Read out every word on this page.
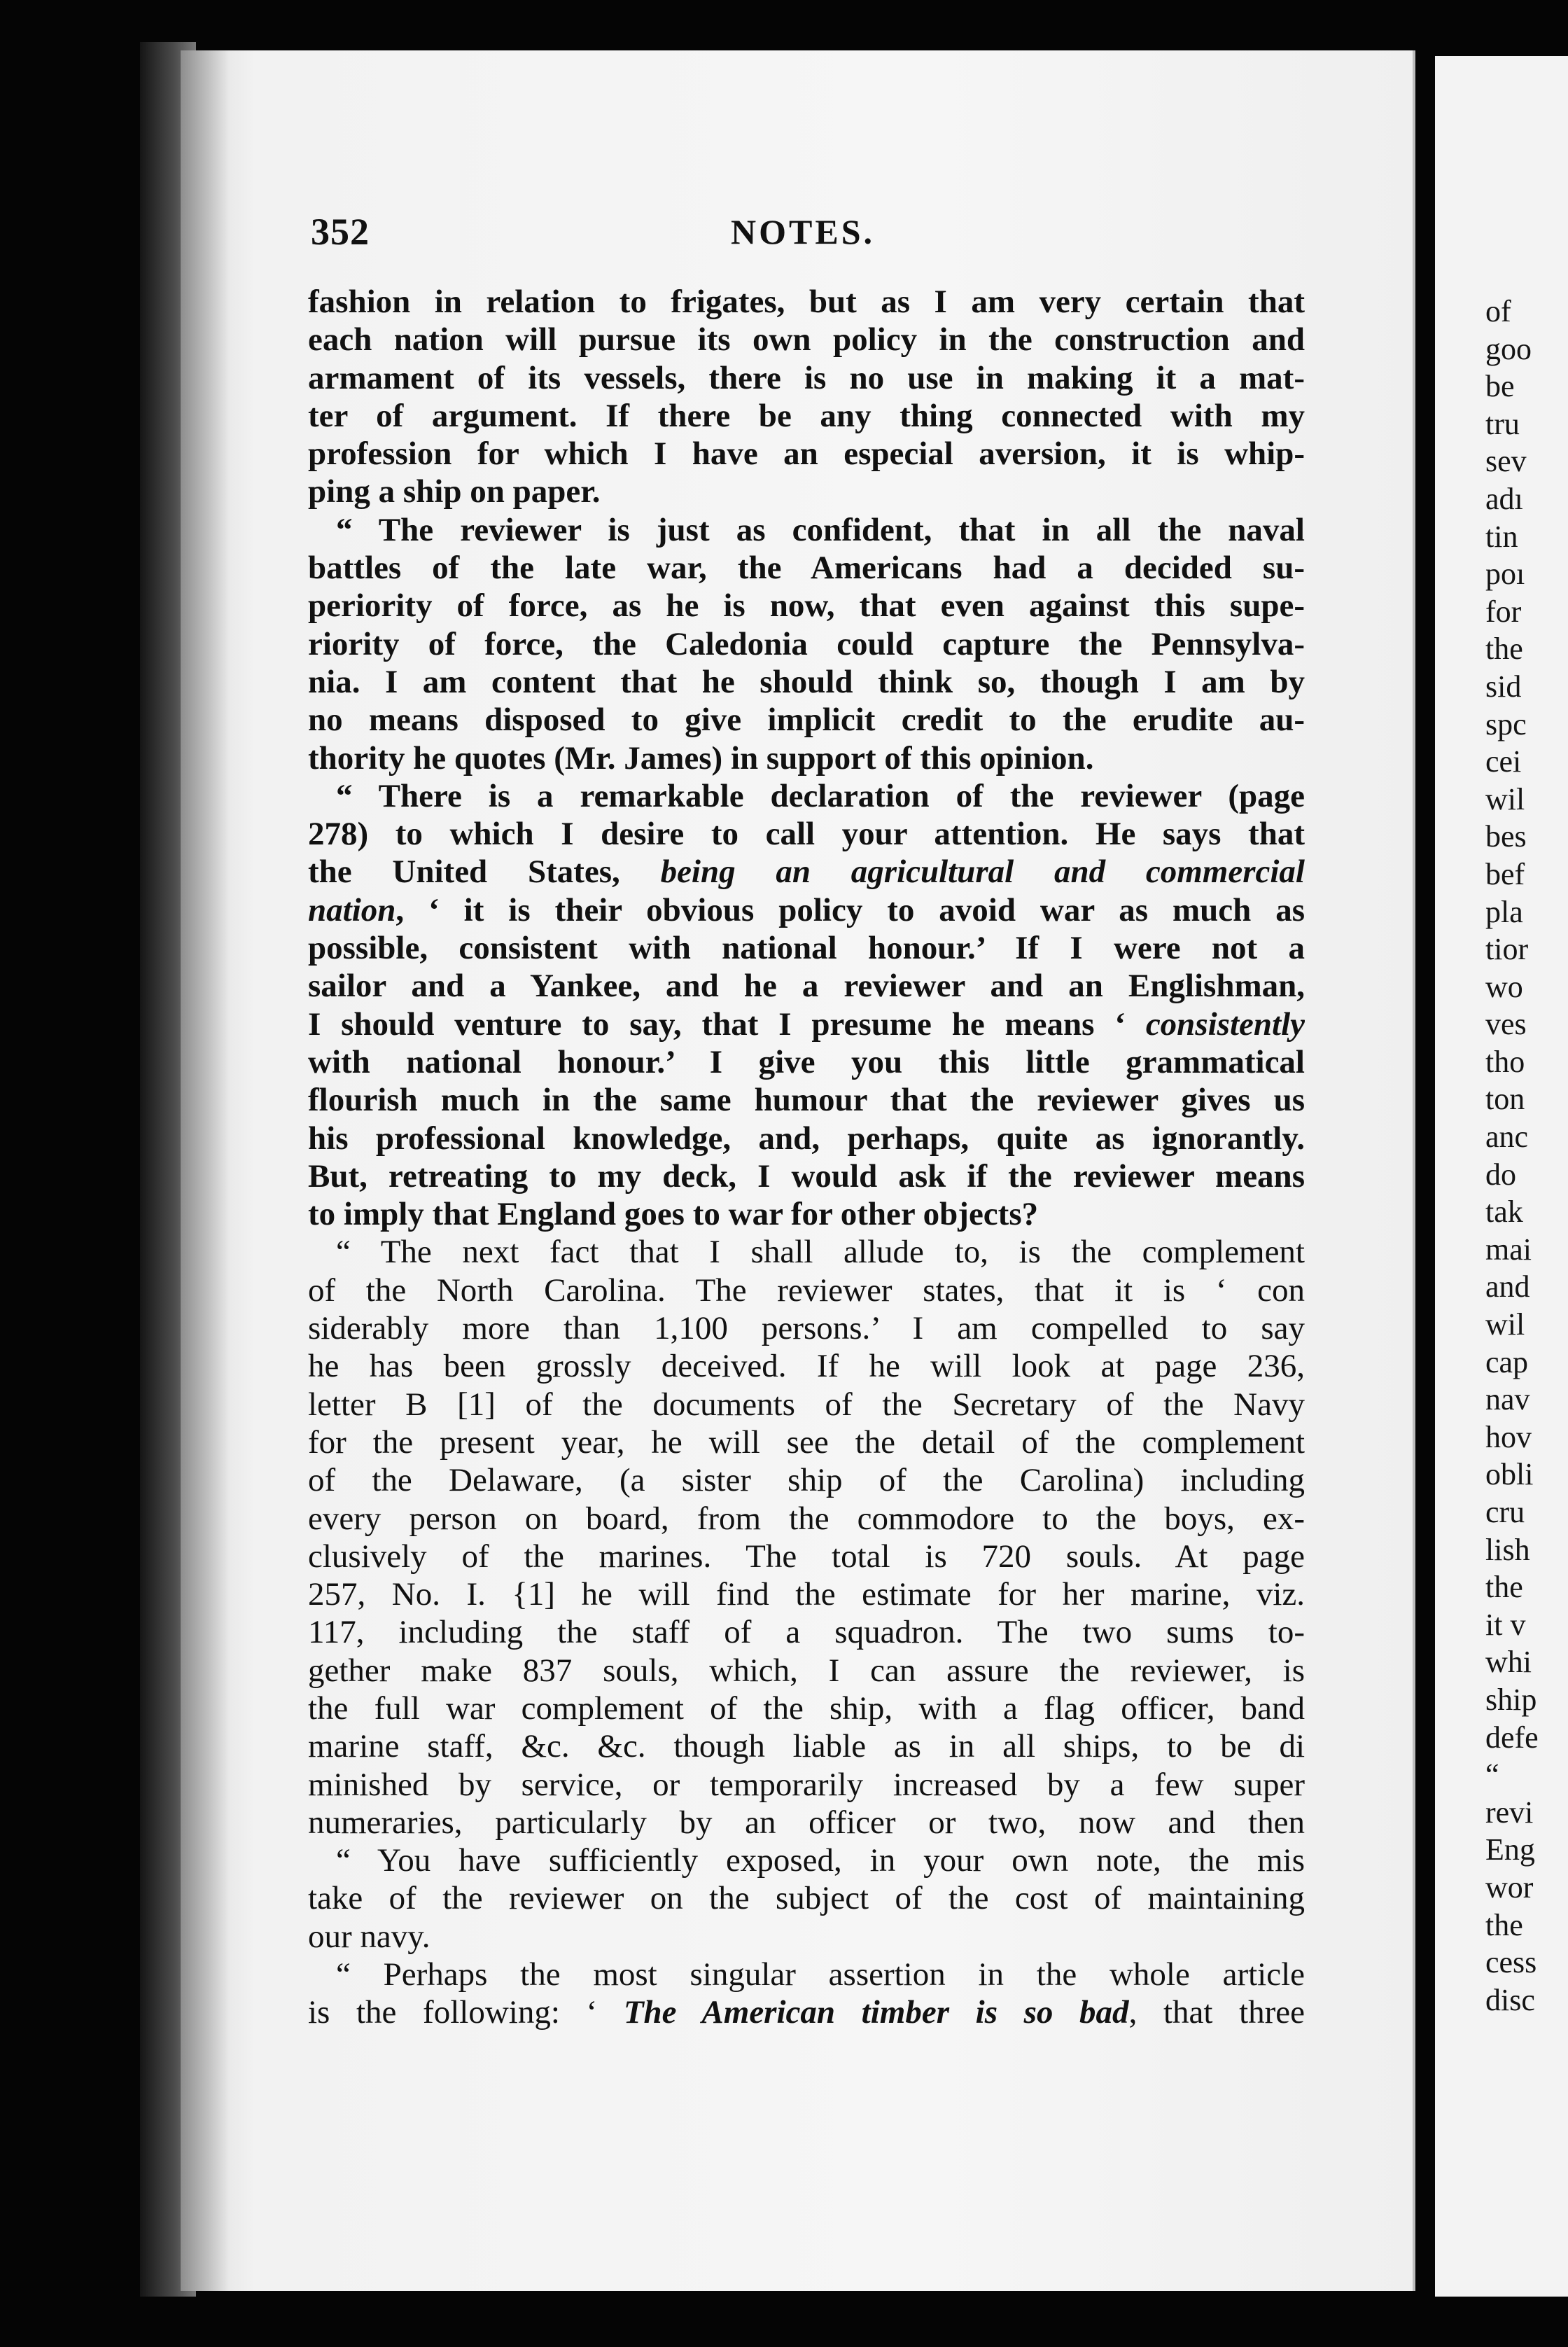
of
goo
be
tru
sev
adı
tin
poı
for
the
sid
spc
cei
wil
bes
bef
pla
tior
wo
ves
tho
ton
anc
do
tak
mai
and
wil
cap
nav
hov
obli
cru
lish
the
it v
whi
ship
defe
“
revi
Eng
wor
the
cess
disc
352	NOTES.
fashion in relation to frigates, but as I am very certain that
each nation will pursue its own policy in the construction and
armament of its vessels, there is no use in making it a mat-
ter of argument. If there be any thing connected with my
profession for which I have an especial aversion, it is whip-
ping a ship on paper.
“ The reviewer is just as confident, that in all the naval
battles of the late war, the Americans had a decided su-
periority of force, as he is now, that even against this supe-
riority of force, the Caledonia could capture the Pennsylva-
nia. I am content that he should think so, though I am by
no means disposed to give implicit credit to the erudite au-
thority he quotes (Mr. James) in support of this opinion.
“ There is a remarkable declaration of the reviewer (page
278) to which I desire to call your attention. He says that
the United States, being an agricultural and commercial
nation, ‘ it is their obvious policy to avoid war as much as
possible, consistent with national honour.’ If I were not a
sailor and a Yankee, and he a reviewer and an Englishman,
I should venture to say, that I presume he means ‘ consistently
with national honour.’ I give you this little grammatical
flourish much in the same humour that the reviewer gives us
his professional knowledge, and, perhaps, quite as ignorantly.
But, retreating to my deck, I would ask if the reviewer means
to imply that England goes to war for other objects?
“ The next fact that I shall allude to, is the complement
of the North Carolina. The reviewer states, that it is ‘ con
siderably more than 1,100 persons.’ I am compelled to say
he has been grossly deceived. If he will look at page 236,
letter B [1] of the documents of the Secretary of the Navy
for the present year, he will see the detail of the complement
of the Delaware, (a sister ship of the Carolina) including
every person on board, from the commodore to the boys, ex-
clusively of the marines. The total is 720 souls. At page
257, No. I. {1] he will find the estimate for her marine, viz.
117, including the staff of a squadron. The two sums to-
gether make 837 souls, which, I can assure the reviewer, is
the full war complement of the ship, with a flag officer, band
marine staff, &c. &c. though liable as in all ships, to be di
minished by service, or temporarily increased by a few super
numeraries, particularly by an officer or two, now and then
“ You have sufficiently exposed, in your own note, the mis
take of the reviewer on the subject of the cost of maintaining
our navy.
“ Perhaps the most singular assertion in the whole article
is the following: ‘ The American timber is so bad, that three
